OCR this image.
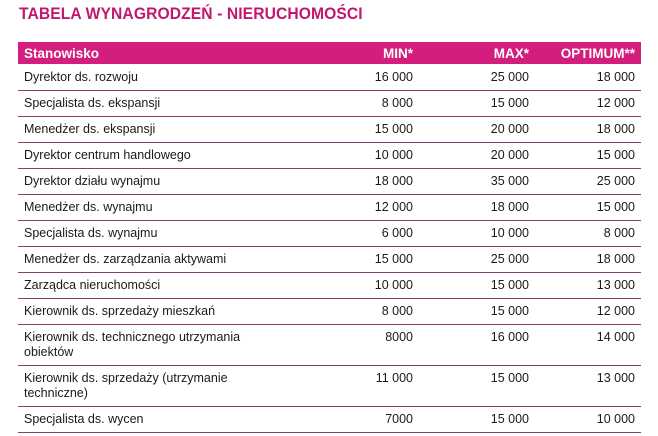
TABELA WYNAGRODZEŃ - NIERUCHOMOŚCI
Stanowisko	MIN*	MAX*	OPTIMUM**
Dyrektor ds. rozwoju	16 000	25 000	18 000
Specjalista ds. ekspansji	8 000	15 000	12 000
Menedżer ds. ekspansji	15 000	20 000	18 000
Dyrektor centrum handlowego	10 000	20 000	15 000
Dyrektor działu wynajmu	18 000	35 000	25 000
Menedżer ds. wynajmu	12 000	18 000	15 000
Specjalista ds. wynajmu	6 000	10 000	8 000
Menedżer ds. zarządzania aktywami	15 000	25 000	18 000
Zarządca nieruchomości	10 000	15 000	13 000
Kierownik ds. sprzedaży mieszkań	8 000	15 000	12 000
Kierownik ds. technicznego utrzymania obiektów	8000	16 000	14 000
Kierownik ds. sprzedaży (utrzymanie techniczne)	11 000	15 000	13 000
Specjalista ds. wycen	7000	15 000	10 000
